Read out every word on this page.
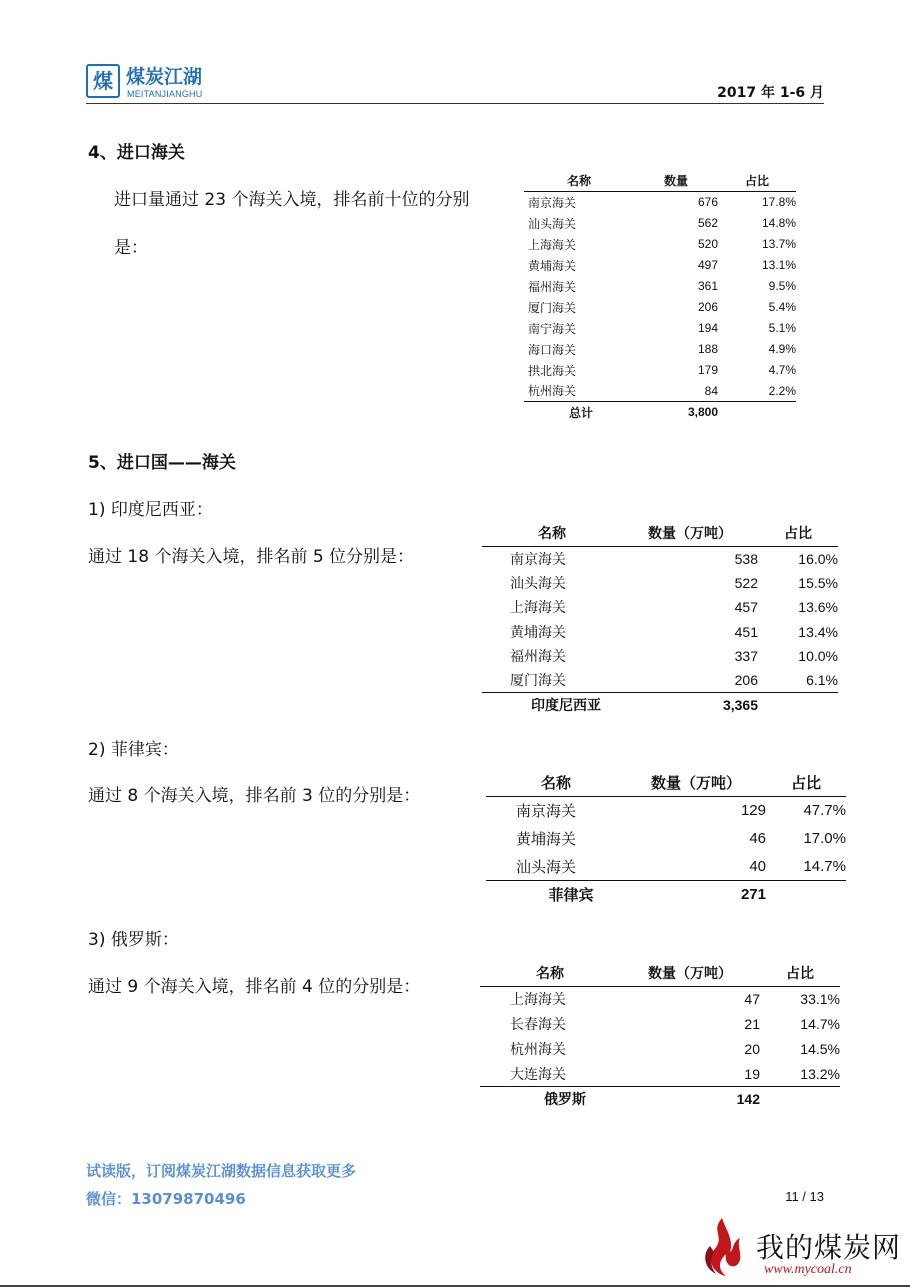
煤 煤炭江湖
MEITANJIANGHU	2017 年 1-6 月
4、进口海关
进口量通过 23 个海关入境，排名前十位的分别
是：
名称	数量	占比
南京海关	676	17.8%
汕头海关	562	14.8%
上海海关	520	13.7%
黄埔海关	497	13.1%
福州海关	361	9.5%
厦门海关	206	5.4%
南宁海关	194	5.1%
海口海关	188	4.9%
拱北海关	179	4.7%
杭州海关	84	2.2%
总计	3,800	
5、进口国——海关
1) 印度尼西亚：
通过 18 个海关入境，排名前 5 位分别是：
名称	数量（万吨）	占比
南京海关	538	16.0%
汕头海关	522	15.5%
上海海关	457	13.6%
黄埔海关	451	13.4%
福州海关	337	10.0%
厦门海关	206	6.1%
印度尼西亚	3,365	
2) 菲律宾：
通过 8 个海关入境，排名前 3 位的分别是：
名称	数量（万吨）	占比
南京海关	129	47.7%
黄埔海关	46	17.0%
汕头海关	40	14.7%
菲律宾	271	
3) 俄罗斯：
通过 9 个海关入境，排名前 4 位的分别是：
名称	数量（万吨）	占比
上海海关	47	33.1%
长春海关	21	14.7%
杭州海关	20	14.5%
大连海关	19	13.2%
俄罗斯	142	
试读版，订阅煤炭江湖数据信息获取更多
微信：13079870496	11 / 13
我的煤炭网
www.mycoal.cn
